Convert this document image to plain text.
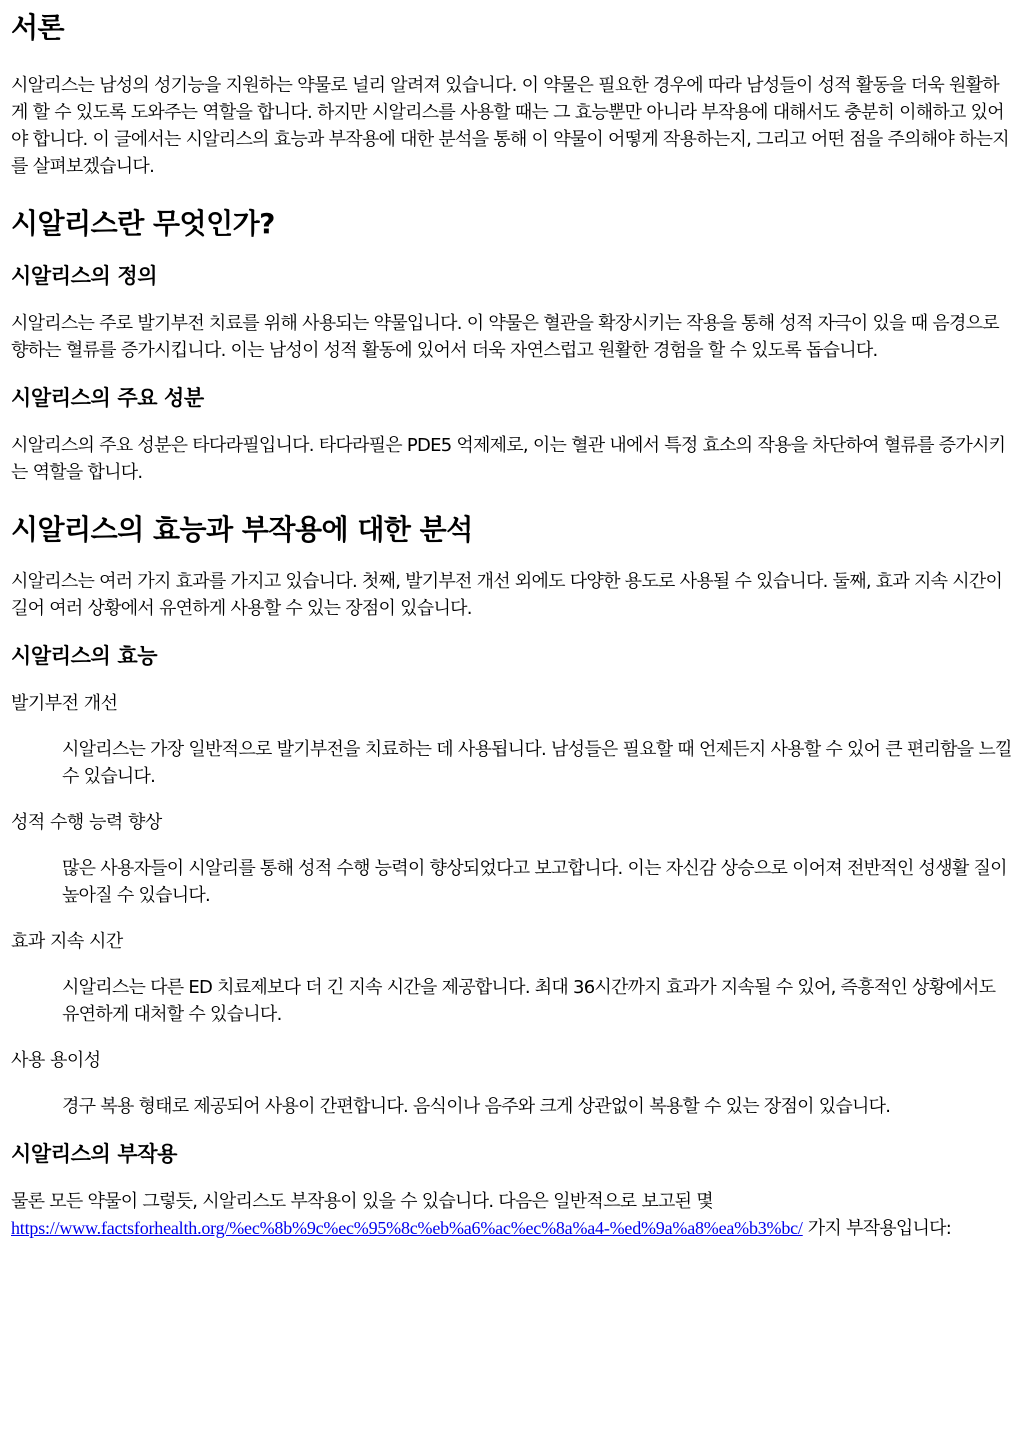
서론

시알리스는 남성의 성기능을 지원하는 약물로 널리 알려져 있습니다. 이 약물은 필요한 경우에 따라 남성들이 성적 활동을 더욱 원활하게 할 수 있도록 도와주는 역할을 합니다. 하지만 시알리스를 사용할 때는 그 효능뿐만 아니라 부작용에 대해서도 충분히 이해하고 있어야 합니다. 이 글에서는 시알리스의 효능과 부작용에 대한 분석을 통해 이 약물이 어떻게 작용하는지, 그리고 어떤 점을 주의해야 하는지를 살펴보겠습니다.

시알리스란 무엇인가?
시알리스의 정의

시알리스는 주로 발기부전 치료를 위해 사용되는 약물입니다. 이 약물은 혈관을 확장시키는 작용을 통해 성적 자극이 있을 때 음경으로 향하는 혈류를 증가시킵니다. 이는 남성이 성적 활동에 있어서 더욱 자연스럽고 원활한 경험을 할 수 있도록 돕습니다.

시알리스의 주요 성분

시알리스의 주요 성분은 타다라필입니다. 타다라필은 PDE5 억제제로, 이는 혈관 내에서 특정 효소의 작용을 차단하여 혈류를 증가시키는 역할을 합니다.

시알리스의 효능과 부작용에 대한 분석

시알리스는 여러 가지 효과를 가지고 있습니다. 첫째, 발기부전 개선 외에도 다양한 용도로 사용될 수 있습니다. 둘째, 효과 지속 시간이 길어 여러 상황에서 유연하게 사용할 수 있는 장점이 있습니다.

시알리스의 효능
발기부전 개선

시알리스는 가장 일반적으로 발기부전을 치료하는 데 사용됩니다. 남성들은 필요할 때 언제든지 사용할 수 있어 큰 편리함을 느낄 수 있습니다.

성적 수행 능력 향상

많은 사용자들이 시알리를 통해 성적 수행 능력이 향상되었다고 보고합니다. 이는 자신감 상승으로 이어져 전반적인 성생활 질이 높아질 수 있습니다.

효과 지속 시간

시알리스는 다른 ED 치료제보다 더 긴 지속 시간을 제공합니다. 최대 36시간까지 효과가 지속될 수 있어, 즉흥적인 상황에서도 유연하게 대처할 수 있습니다.

사용 용이성

경구 복용 형태로 제공되어 사용이 간편합니다. 음식이나 음주와 크게 상관없이 복용할 수 있는 장점이 있습니다.

시알리스의 부작용

물론 모든 약물이 그렇듯, 시알리스도 부작용이 있을 수 있습니다. 다음은 일반적으로 보고된 몇 https://www.factsforhealth.org/%ec%8b%9c%ec%95%8c%eb%a6%ac%ec%8a%a4-%ed%9a%a8%ea%b3%bc/ 가지 부작용입니다:
